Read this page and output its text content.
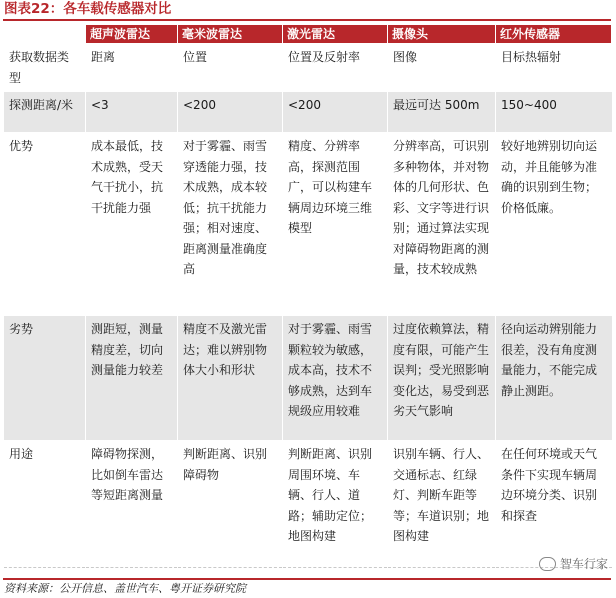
图表22：各车载传感器对比
	超声波雷达	毫米波雷达	激光雷达	摄像头	红外传感器
获取数据类型	距离	位置	位置及反射率	图像	目标热辐射
探测距离/米	<3	<200	<200	最远可达 500m	150~400
优势	成本最低，技术成熟，受天气干扰小，抗干扰能力强	对于雾霾、雨雪穿透能力强，技术成熟，成本较低；抗干扰能力强；相对速度、距离测量准确度高	精度、分辨率高，探测范围广，可以构建车辆周边环境三维模型	分辨率高，可识别多种物体，并对物体的几何形状、色彩、文字等进行识别；通过算法实现对障碍物距离的测量，技术较成熟	较好地辨别切向运动，并且能够为准确的识别到生物；价格低廉。
劣势	测距短，测量精度差，切向测量能力较差	精度不及激光雷达；难以辨别物体大小和形状	对于雾霾、雨雪颗粒较为敏感，成本高，技术不够成熟，达到车规级应用较难	过度依赖算法，精度有限，可能产生误判；受光照影响变化达，易受到恶劣天气影响	径向运动辨别能力很差，没有角度测量能力，不能完成静止测距。
用途	障碍物探测，比如倒车雷达等短距离测量	判断距离、识别障碍物	判断距离、识别周围环境、车辆、行人、道路；辅助定位；地图构建	识别车辆、行人、交通标志、红绿灯、判断车距等等；车道识别；地图构建	在任何环境或天气条件下实现车辆周边环境分类、识别和探查
资料来源：公开信息、盖世汽车、粤开证券研究院
智车行家
